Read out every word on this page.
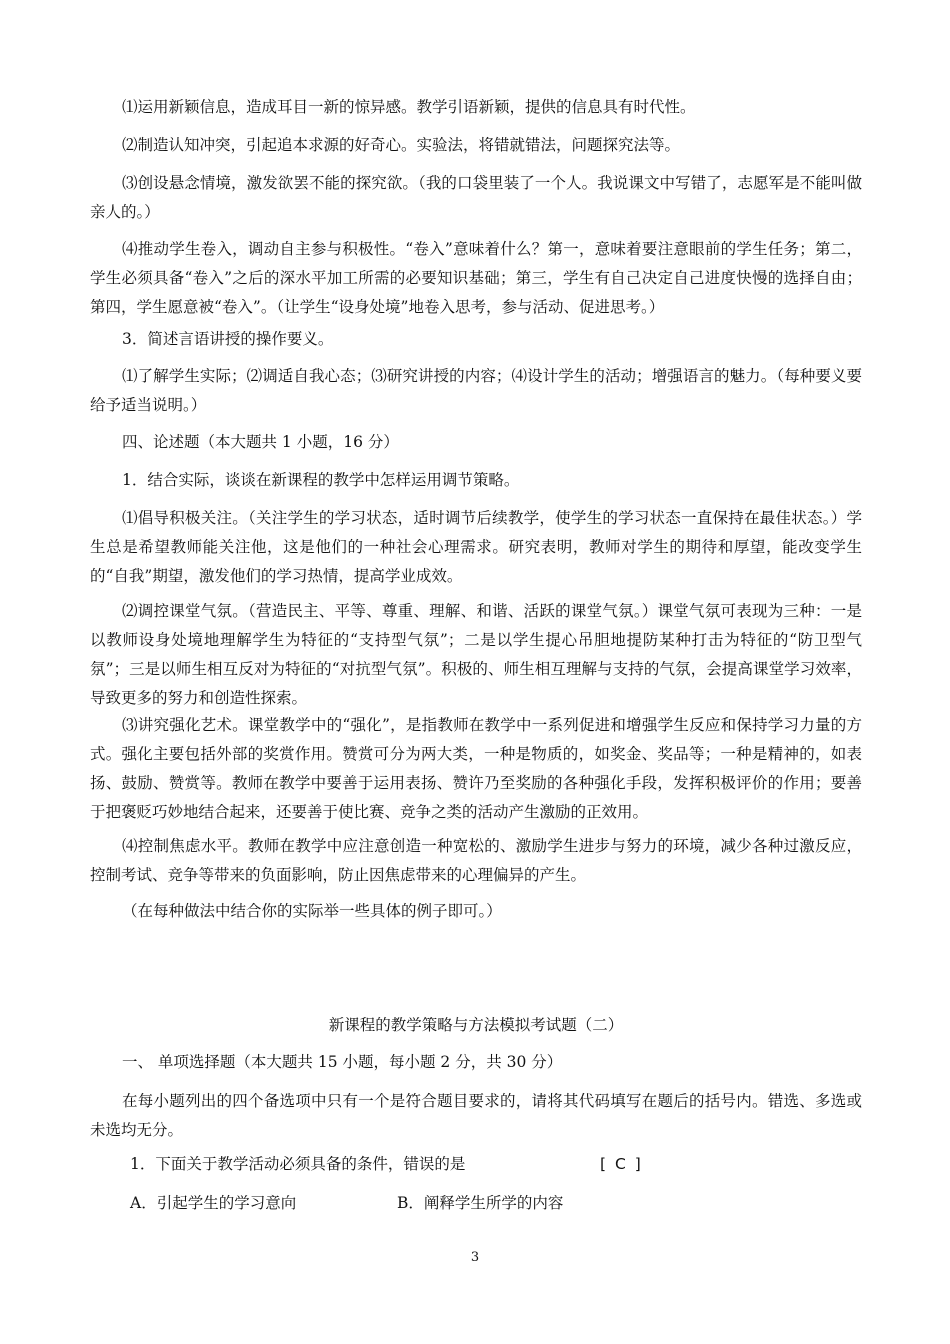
⑴运用新颖信息，造成耳目一新的惊异感。教学引语新颖，提供的信息具有时代性。

⑵制造认知冲突，引起追本求源的好奇心。实验法，将错就错法，问题探究法等。

⑶创设悬念情境，激发欲罢不能的探究欲。（我的口袋里装了一个人。我说课文中写错了，志愿军是不能叫做亲人的。）

⑷推动学生卷入，调动自主参与积极性。“卷入”意味着什么？第一，意味着要注意眼前的学生任务；第二，学生必须具备“卷入”之后的深水平加工所需的必要知识基础；第三，学生有自己决定自己进度快慢的选择自由；第四，学生愿意被“卷入”。（让学生“设身处境”地卷入思考，参与活动、促进思考。）

3．简述言语讲授的操作要义。

⑴了解学生实际；⑵调适自我心态；⑶研究讲授的内容；⑷设计学生的活动；增强语言的魅力。（每种要义要给予适当说明。）

四、论述题（本大题共 1 小题，16 分）

1．结合实际，谈谈在新课程的教学中怎样运用调节策略。

⑴倡导积极关注。（关注学生的学习状态，适时调节后续教学，使学生的学习状态一直保持在最佳状态。）学生总是希望教师能关注他，这是他们的一种社会心理需求。研究表明，教师对学生的期待和厚望，能改变学生的“自我”期望，激发他们的学习热情，提高学业成效。

⑵调控课堂气氛。（营造民主、平等、尊重、理解、和谐、活跃的课堂气氛。）课堂气氛可表现为三种：一是以教师设身处境地理解学生为特征的“支持型气氛”；二是以学生提心吊胆地提防某种打击为特征的“防卫型气氛”；三是以师生相互反对为特征的“对抗型气氛”。积极的、师生相互理解与支持的气氛，会提高课堂学习效率，导致更多的努力和创造性探索。

⑶讲究强化艺术。课堂教学中的“强化”，是指教师在教学中一系列促进和增强学生反应和保持学习力量的方式。强化主要包括外部的奖赏作用。赞赏可分为两大类，一种是物质的，如奖金、奖品等；一种是精神的，如表扬、鼓励、赞赏等。教师在教学中要善于运用表扬、赞许乃至奖励的各种强化手段，发挥积极评价的作用；要善于把褒贬巧妙地结合起来，还要善于使比赛、竞争之类的活动产生激励的正效用。

⑷控制焦虑水平。教师在教学中应注意创造一种宽松的、激励学生进步与努力的环境，减少各种过激反应，控制考试、竞争等带来的负面影响，防止因焦虑带来的心理偏异的产生。

（在每种做法中结合你的实际举一些具体的例子即可。）

新课程的教学策略与方法模拟考试题（二）

一、 单项选择题（本大题共 15 小题，每小题 2 分，共 30 分）

在每小题列出的四个备选项中只有一个是符合题目要求的，请将其代码填写在题后的括号内。错选、多选或未选均无分。

1．下面关于教学活动必须具备的条件，错误的是	[ C ]
A．引起学生的学习意向	B．阐释学生所学的内容
3
